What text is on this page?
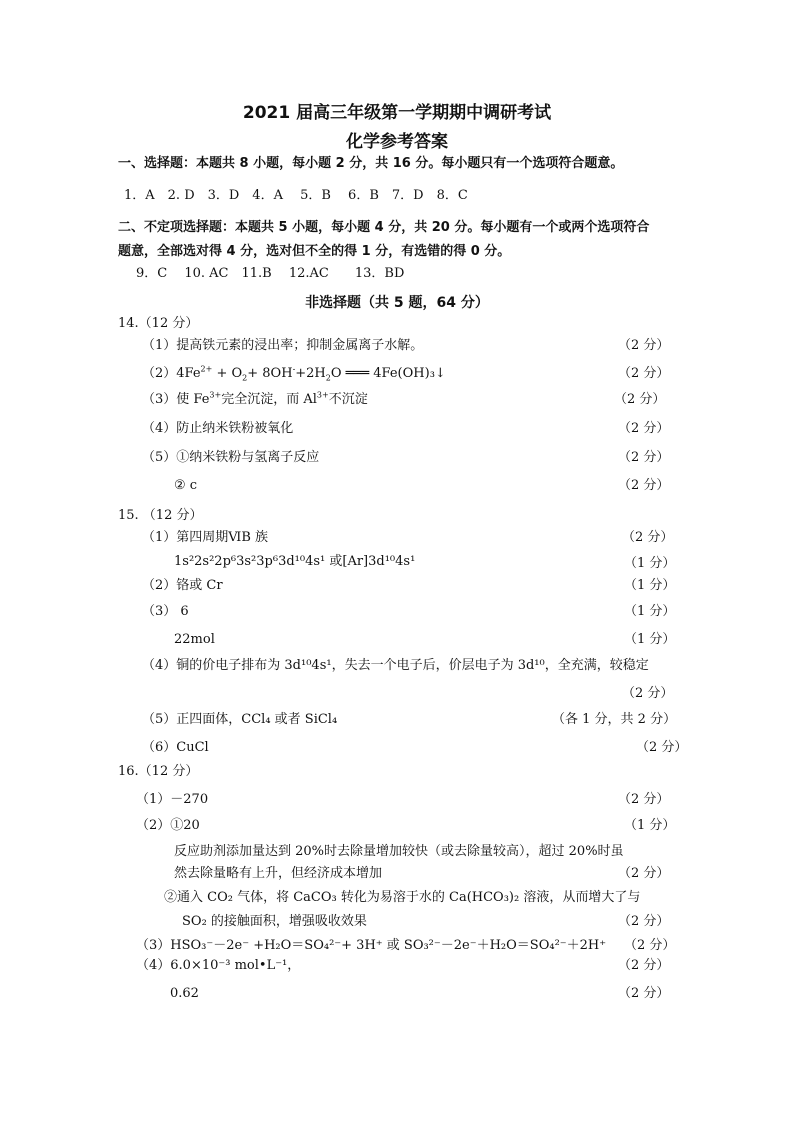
2021 届高三年级第一学期期中调研考试
化学参考答案
一、选择题：本题共 8 小题，每小题 2 分，共 16 分。每小题只有一个选项符合题意。
1．A　2. D　3．D　4．A　 5．B　 6．B　7．D　8．C
二、不定项选择题：本题共 5 小题，每小题 4 分，共 20 分。每小题有一个或两个选项符合
题意，全部选对得 4 分，选对但不全的得 1 分，有选错的得 0 分。
9．C　 10. AC　11.B　 12.AC　　13．BD
非选择题（共 5 题，64 分）
14.（12 分）
（1）提高铁元素的浸出率；抑制金属离子水解。	（2 分）
$(2)4Fe^{2+} + O_2+ 8OH^-+2H_2O$ ═══ 4Fe(OH)₃↓	（2 分）
（3）使 $Fe^{3+}$完全沉淀，而 $Al^{3+}$不沉淀	（2 分）
（4）防止纳米铁粉被氧化	（2 分）
（5）①纳米铁粉与氢离子反应	（2 分）
② c	（2 分）
15. （12 分）
（1）第四周期ⅥB 族	（2 分）
1s²2s²2p⁶3s²3p⁶3d¹⁰4s¹ 或[Ar]3d¹⁰4s¹	（1 分）
（2）铬或 Cr	（1 分）
（3） 6	（1 分）
22mol	（1 分）
（4）铜的价电子排布为 3d¹⁰4s¹，失去一个电子后，价层电子为 3d¹⁰，全充满，较稳定
（2 分）
（5）正四面体，CCl₄ 或者 SiCl₄	（各 1 分，共 2 分）
（6）CuCl	（2 分）
16.（12 分）
（1）－270	（2 分）
（2）①20	（1 分）
反应助剂添加量达到 20%时去除量增加较快（或去除量较高），超过 20%时虽
然去除量略有上升，但经济成本增加	（2 分）
②通入 CO₂ 气体，将 CaCO₃ 转化为易溶于水的 Ca(HCO₃)₂ 溶液，从而增大了与
SO₂ 的接触面积，增强吸收效果	（2 分）
（3）HSO₃⁻－2e⁻ +H₂O＝SO₄²⁻+ 3H⁺ 或 SO₃²⁻－2e⁻＋H₂O＝SO₄²⁻＋2H⁺ （2 分）
（4）6.0×10⁻³ mol•L⁻¹，	（2 分）
0.62	（2 分）
